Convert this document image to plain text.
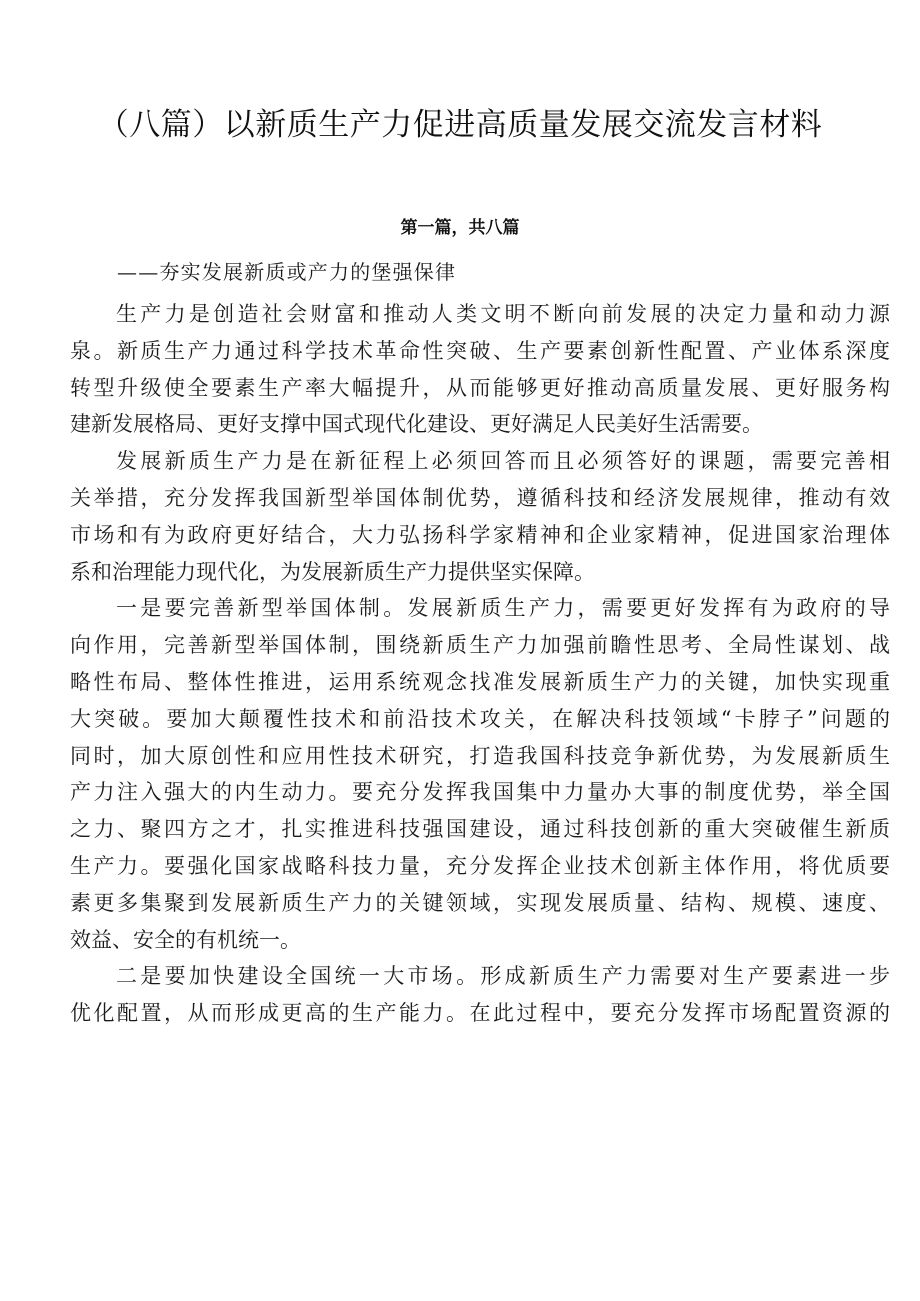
（八篇）以新质生产力促进高质量发展交流发言材料
第一篇，共八篇
——夯实发展新质或产力的堡强保律

生产力是创造社会财富和推动人类文明不断向前发展的决定力量和动力源
泉。新质生产力通过科学技术革命性突破、生产要素创新性配置、产业体系深度
转型升级使全要素生产率大幅提升，从而能够更好推动高质量发展、更好服务构
建新发展格局、更好支撑中国式现代化建设、更好满足人民美好生活需要。

发展新质生产力是在新征程上必须回答而且必须答好的课题，需要完善相
关举措，充分发挥我国新型举国体制优势，遵循科技和经济发展规律，推动有效
市场和有为政府更好结合，大力弘扬科学家精神和企业家精神，促进国家治理体
系和治理能力现代化，为发展新质生产力提供坚实保障。

一是要完善新型举国体制。发展新质生产力，需要更好发挥有为政府的导
向作用，完善新型举国体制，围绕新质生产力加强前瞻性思考、全局性谋划、战
略性布局、整体性推进，运用系统观念找准发展新质生产力的关键，加快实现重
大突破。要加大颠覆性技术和前沿技术攻关，在解决科技领域“卡脖子”问题的
同时，加大原创性和应用性技术研究，打造我国科技竞争新优势，为发展新质生
产力注入强大的内生动力。要充分发挥我国集中力量办大事的制度优势，举全国
之力、聚四方之才，扎实推进科技强国建设，通过科技创新的重大突破催生新质
生产力。要强化国家战略科技力量，充分发挥企业技术创新主体作用，将优质要
素更多集聚到发展新质生产力的关键领域，实现发展质量、结构、规模、速度、
效益、安全的有机统一。

二是要加快建设全国统一大市场。形成新质生产力需要对生产要素进一步
优化配置，从而形成更高的生产能力。在此过程中，要充分发挥市场配置资源的
